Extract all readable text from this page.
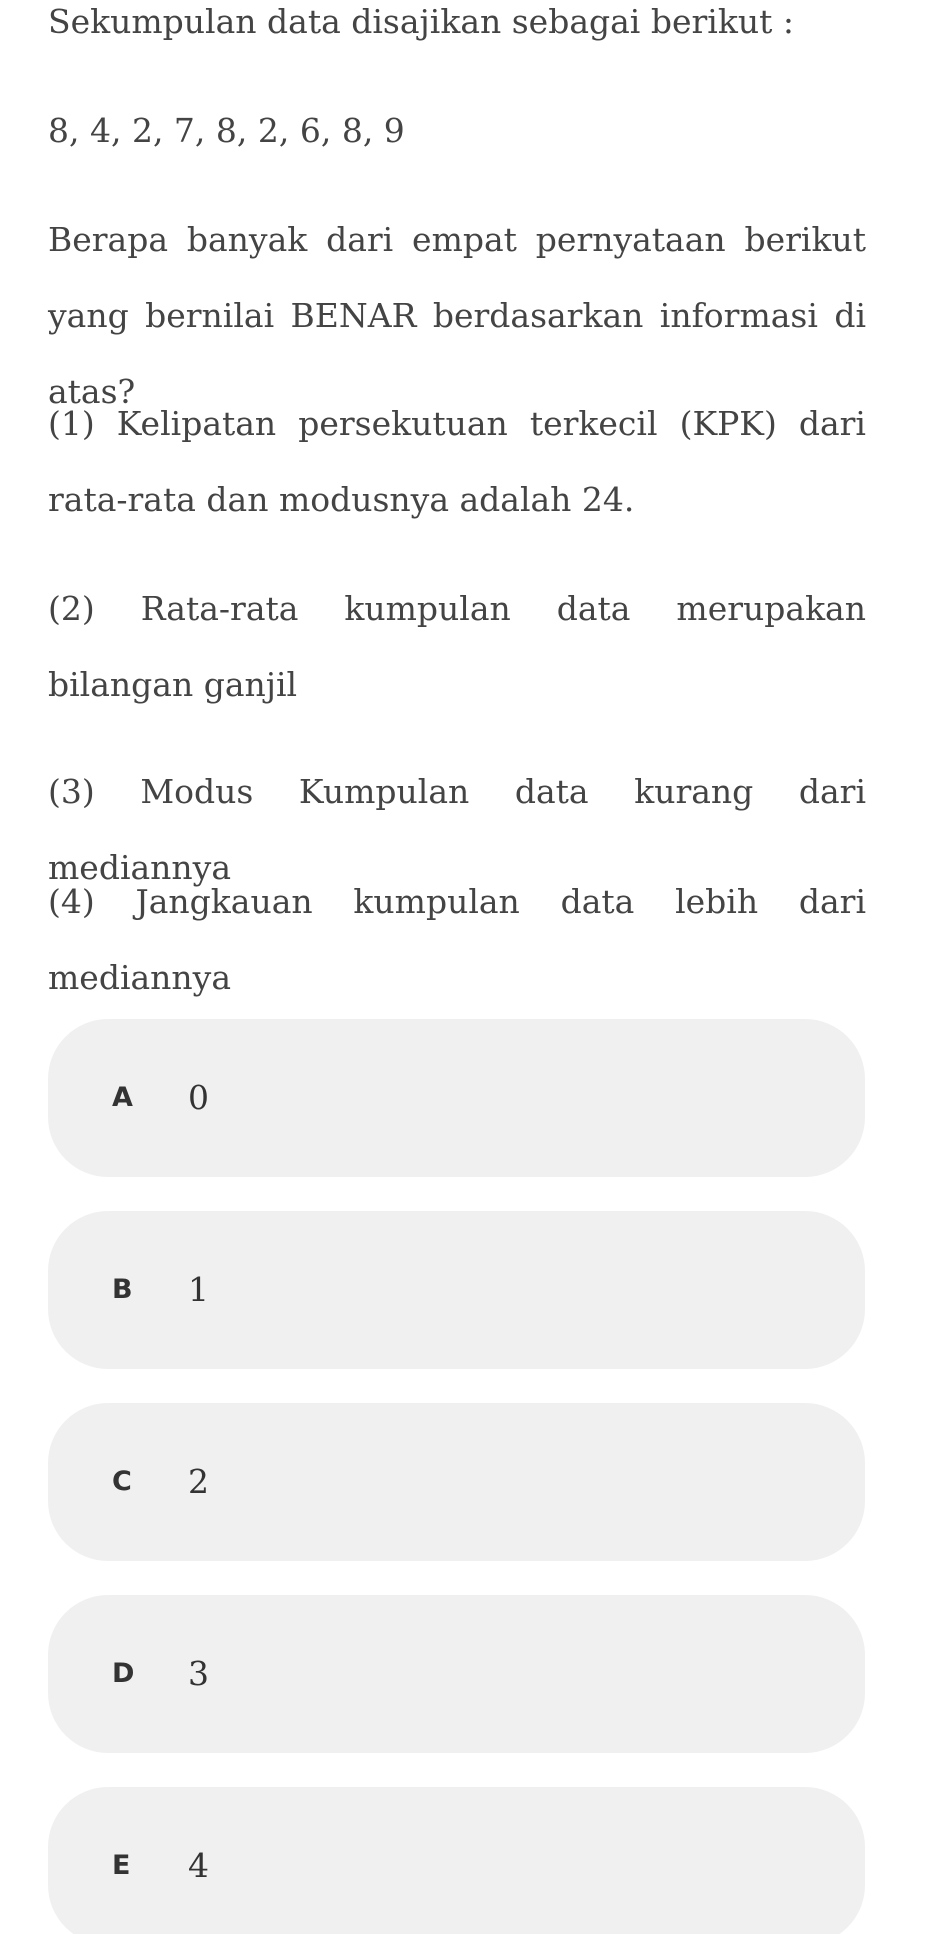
Sekumpulan data disajikan sebagai berikut :

8, 4, 2, 7, 8, 2, 6, 8, 9

Berapa banyak dari empat pernyataan berikut yang bernilai BENAR berdasarkan informasi di atas?

(1) Kelipatan persekutuan terkecil (KPK) dari rata-rata dan modusnya adalah 24.

(2) Rata-rata kumpulan data merupakan bilangan ganjil

(3) Modus Kumpulan data kurang dari mediannya

(4) Jangkauan kumpulan data lebih dari mediannya

A 0
B 1
C 2
D 3
E 4
